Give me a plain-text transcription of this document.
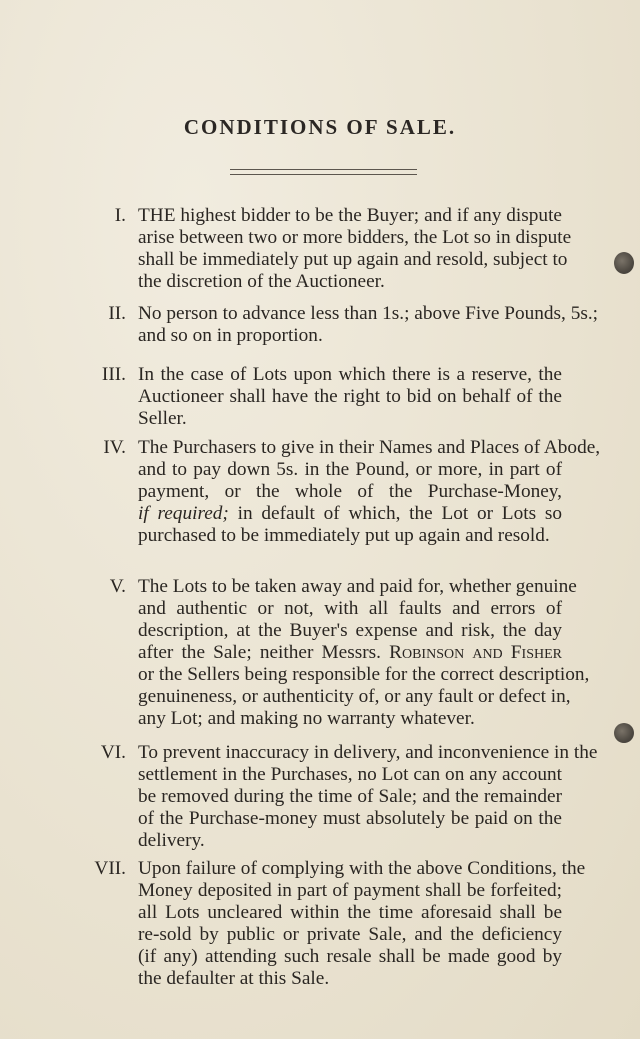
CONDITIONS OF SALE.
I. THE highest bidder to be the Buyer; and if any dispute
arise between two or more bidders, the Lot so in dispute
shall be immediately put up again and resold, subject to
the discretion of the Auctioneer.
II. No person to advance less than 1s.; above Five Pounds, 5s.;
and so on in proportion.
III. In the case of Lots upon which there is a reserve, the
Auctioneer shall have the right to bid on behalf of the
Seller.
IV. The Purchasers to give in their Names and Places of Abode,
and to pay down 5s. in the Pound, or more, in part of
payment, or the whole of the Purchase-Money,
if required; in default of which, the Lot or Lots so
purchased to be immediately put up again and resold.
V. The Lots to be taken away and paid for, whether genuine
and authentic or not, with all faults and errors of
description, at the Buyer's expense and risk, the day
after the Sale; neither Messrs. Robinson and Fisher
or the Sellers being responsible for the correct description,
genuineness, or authenticity of, or any fault or defect in,
any Lot; and making no warranty whatever.
VI. To prevent inaccuracy in delivery, and inconvenience in the
settlement in the Purchases, no Lot can on any account
be removed during the time of Sale; and the remainder
of the Purchase-money must absolutely be paid on the
delivery.
VII. Upon failure of complying with the above Conditions, the
Money deposited in part of payment shall be forfeited;
all Lots uncleared within the time aforesaid shall be
re-sold by public or private Sale, and the deficiency
(if any) attending such resale shall be made good by
the defaulter at this Sale.
